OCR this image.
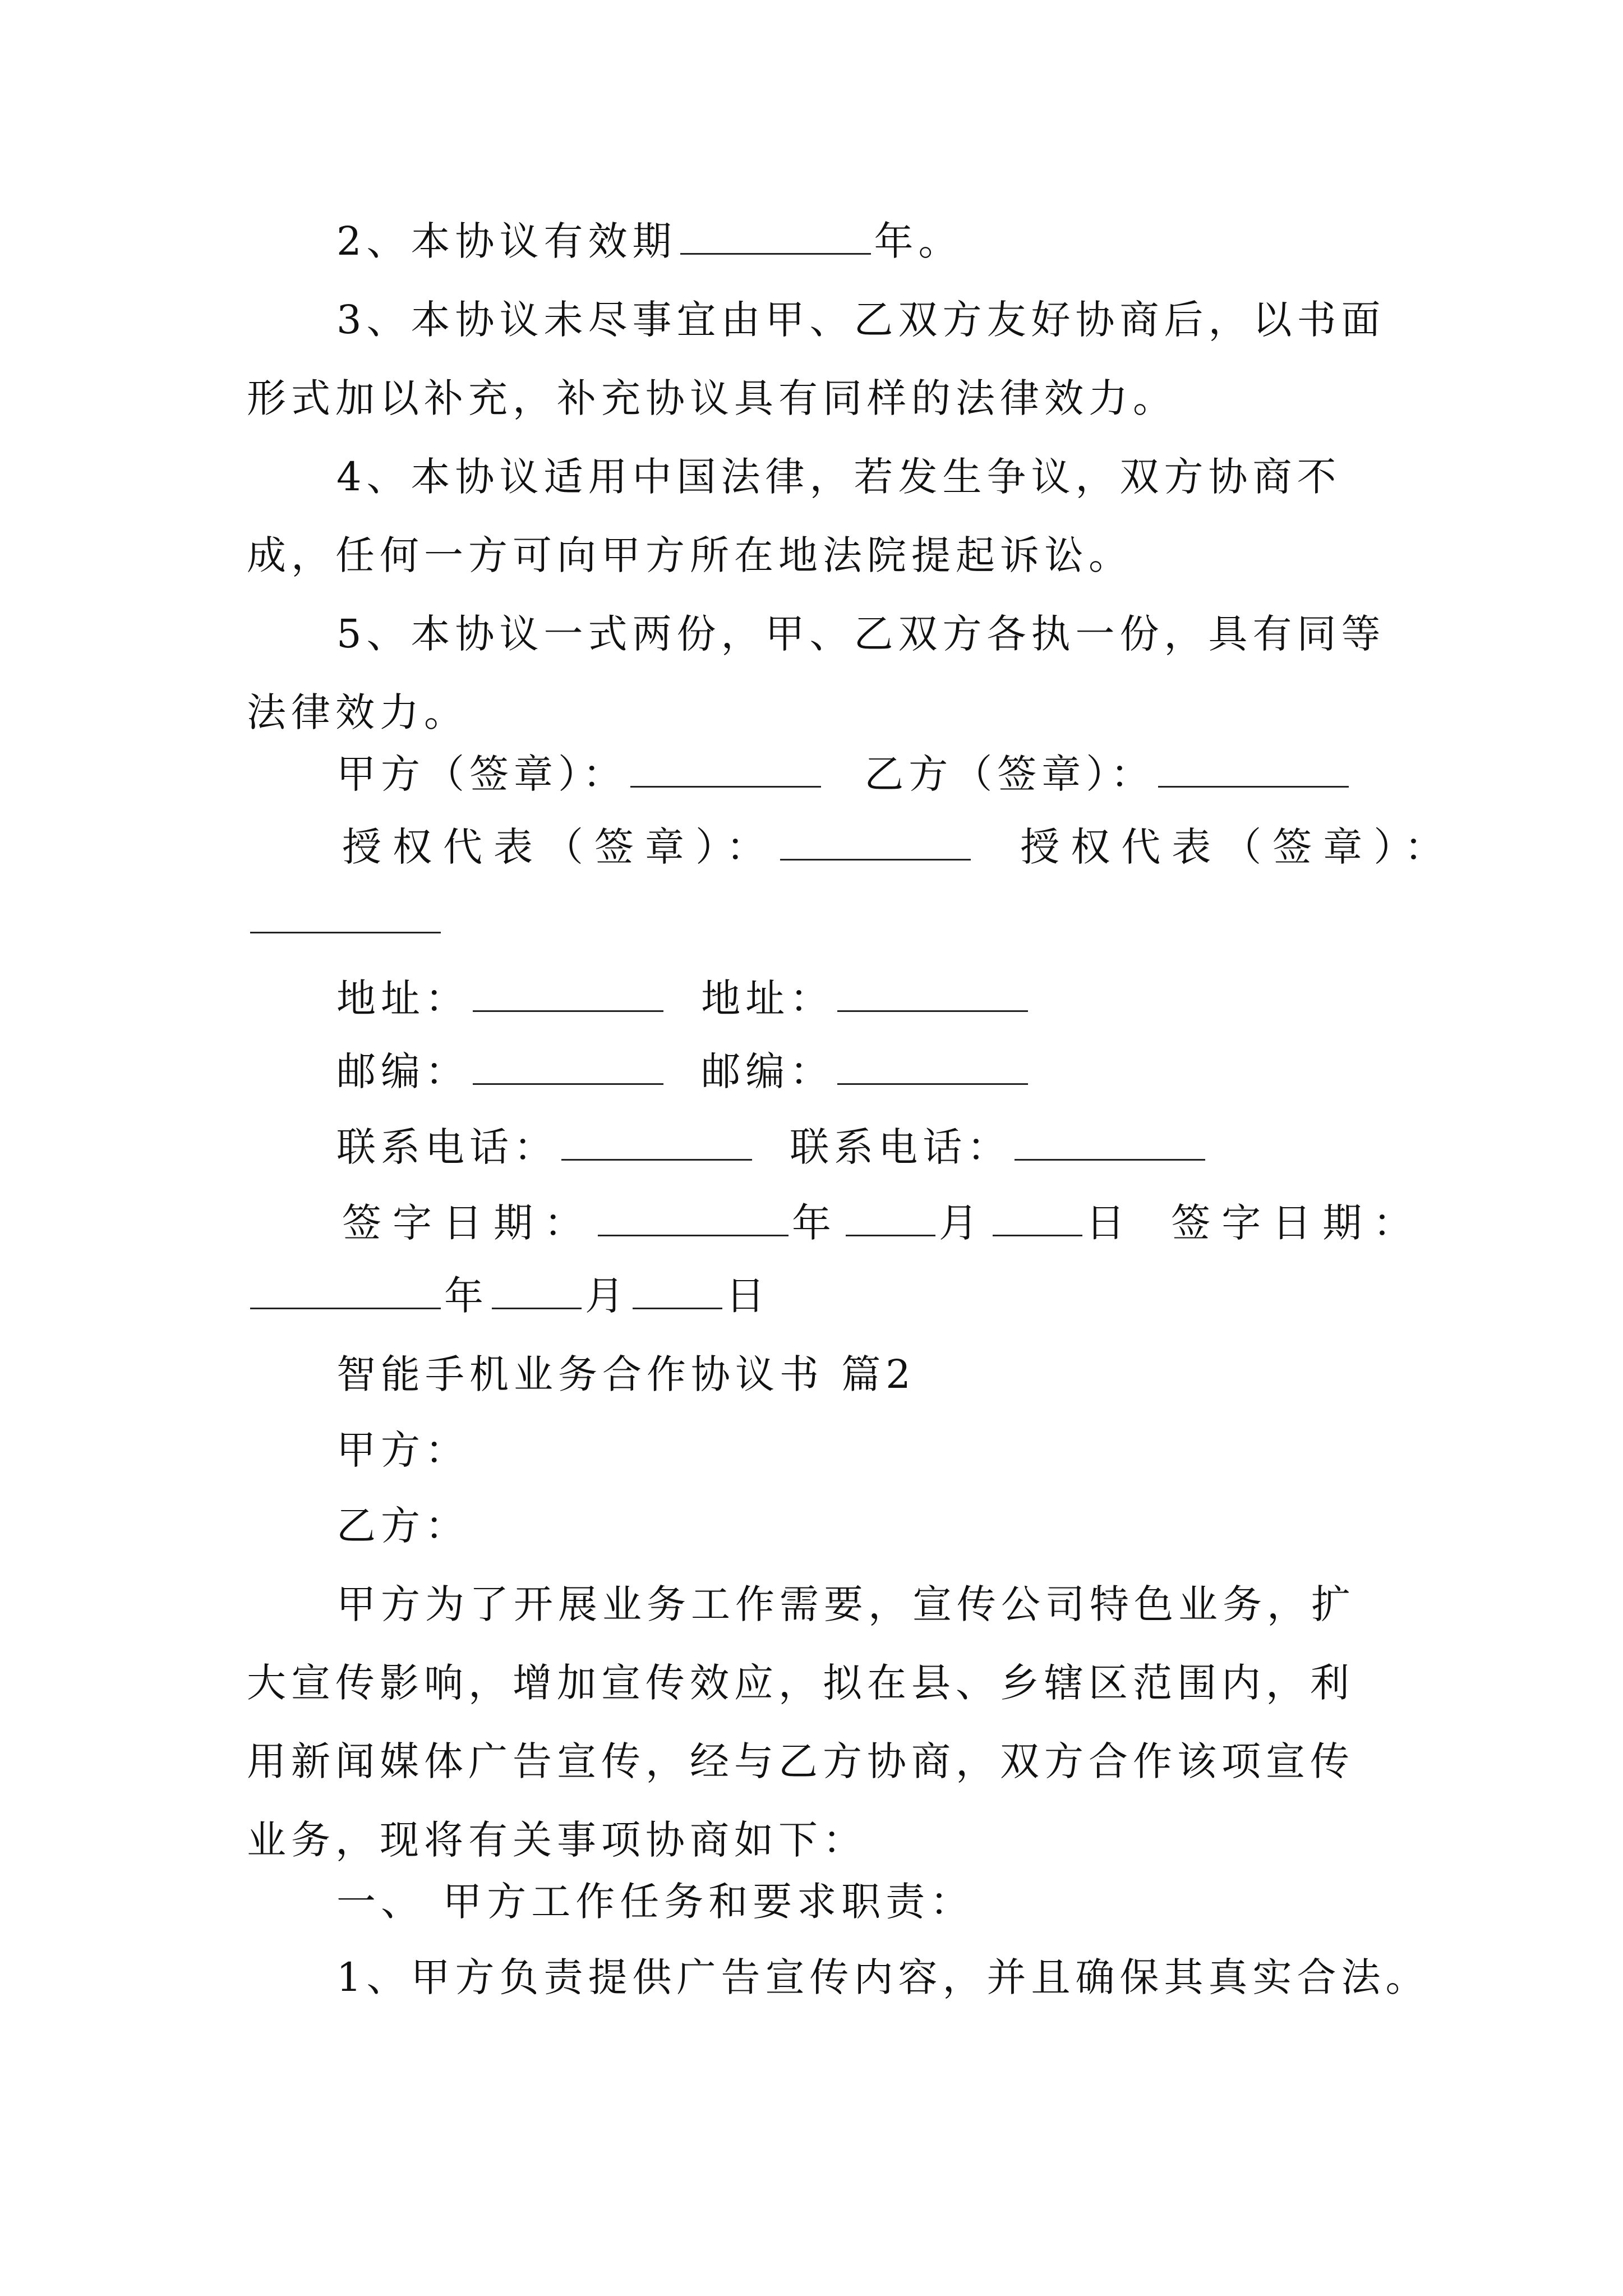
2、本协议有效期	年。

3、本协议未尽事宜由甲、乙双方友好协商后，以书面形式加以补充，补充协议具有同样的法律效力。

4、本协议适用中国法律，若发生争议，双方协商不成，任何一方可向甲方所在地法院提起诉讼。

5、本协议一式两份，甲、乙双方各执一份，具有同等法律效力。

甲方（签章）：	乙方（签章）：
授权代表（签章）：	授权代表（签章）：
地址：	地址：
邮编：	邮编：
联系电话：	联系电话：
签字日期：	年 月 日 签字日期：
年 月 日
智能手机业务合作协议书 篇2
甲方：
乙方：

甲方为了开展业务工作需要，宣传公司特色业务，扩大宣传影响，增加宣传效应，拟在县、乡辖区范围内，利用新闻媒体广告宣传，经与乙方协商，双方合作该项宣传业务，现将有关事项协商如下：

一、 甲方工作任务和要求职责：
1、甲方负责提供广告宣传内容，并且确保其真实合法。
